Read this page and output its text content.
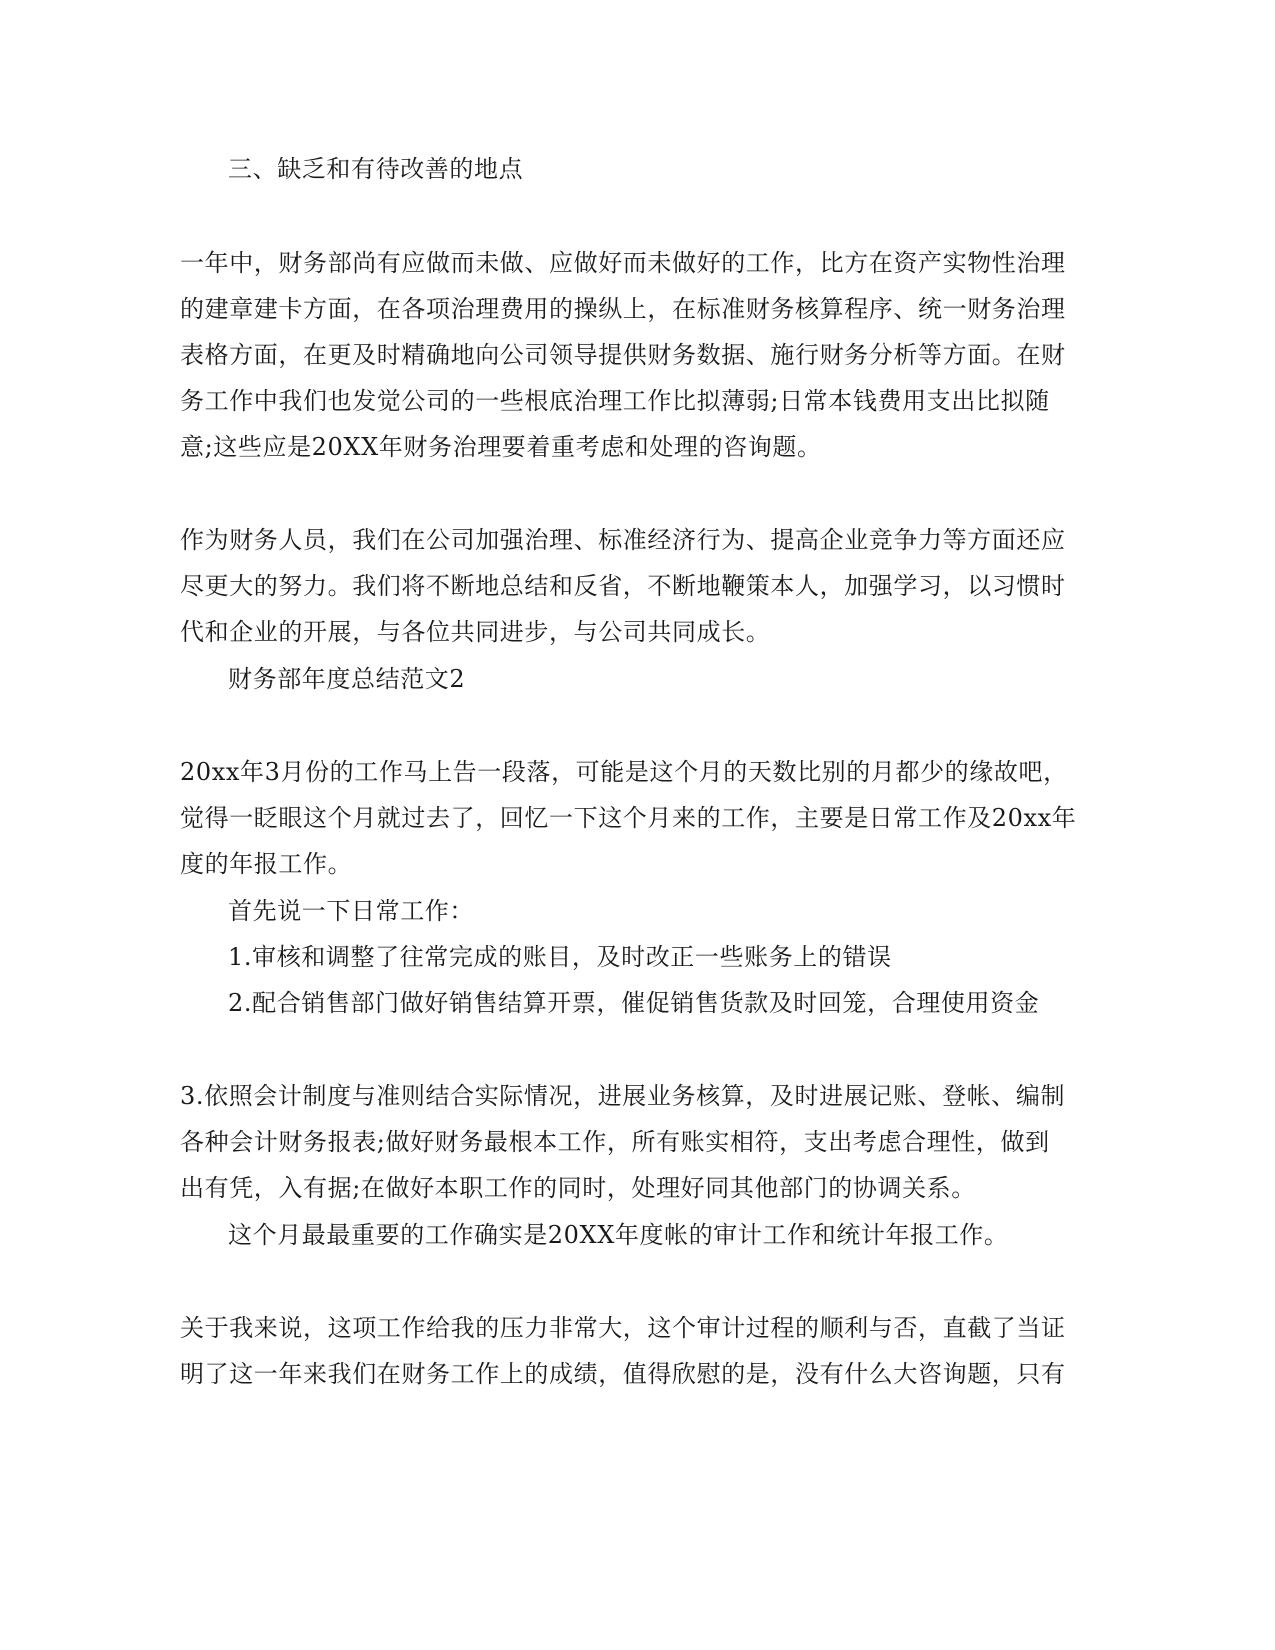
三、缺乏和有待改善的地点
一年中，财务部尚有应做而未做、应做好而未做好的工作，比方在资产实物性治理
的建章建卡方面，在各项治理费用的操纵上，在标准财务核算程序、统一财务治理
表格方面，在更及时精确地向公司领导提供财务数据、施行财务分析等方面。在财
务工作中我们也发觉公司的一些根底治理工作比拟薄弱;日常本钱费用支出比拟随
意;这些应是20XX年财务治理要着重考虑和处理的咨询题。
作为财务人员，我们在公司加强治理、标准经济行为、提高企业竞争力等方面还应
尽更大的努力。我们将不断地总结和反省，不断地鞭策本人，加强学习，以习惯时
代和企业的开展，与各位共同进步，与公司共同成长。
财务部年度总结范文2
20xx年3月份的工作马上告一段落，可能是这个月的天数比别的月都少的缘故吧，
觉得一眨眼这个月就过去了，回忆一下这个月来的工作，主要是日常工作及20xx年
度的年报工作。
首先说一下日常工作：
1.审核和调整了往常完成的账目，及时改正一些账务上的错误
2.配合销售部门做好销售结算开票，催促销售货款及时回笼，合理使用资金
3.依照会计制度与准则结合实际情况，进展业务核算，及时进展记账、登帐、编制
各种会计财务报表;做好财务最根本工作，所有账实相符，支出考虑合理性，做到
出有凭，入有据;在做好本职工作的同时，处理好同其他部门的协调关系。
这个月最最重要的工作确实是20XX年度帐的审计工作和统计年报工作。
关于我来说，这项工作给我的压力非常大，这个审计过程的顺利与否，直截了当证
明了这一年来我们在财务工作上的成绩，值得欣慰的是，没有什么大咨询题，只有
